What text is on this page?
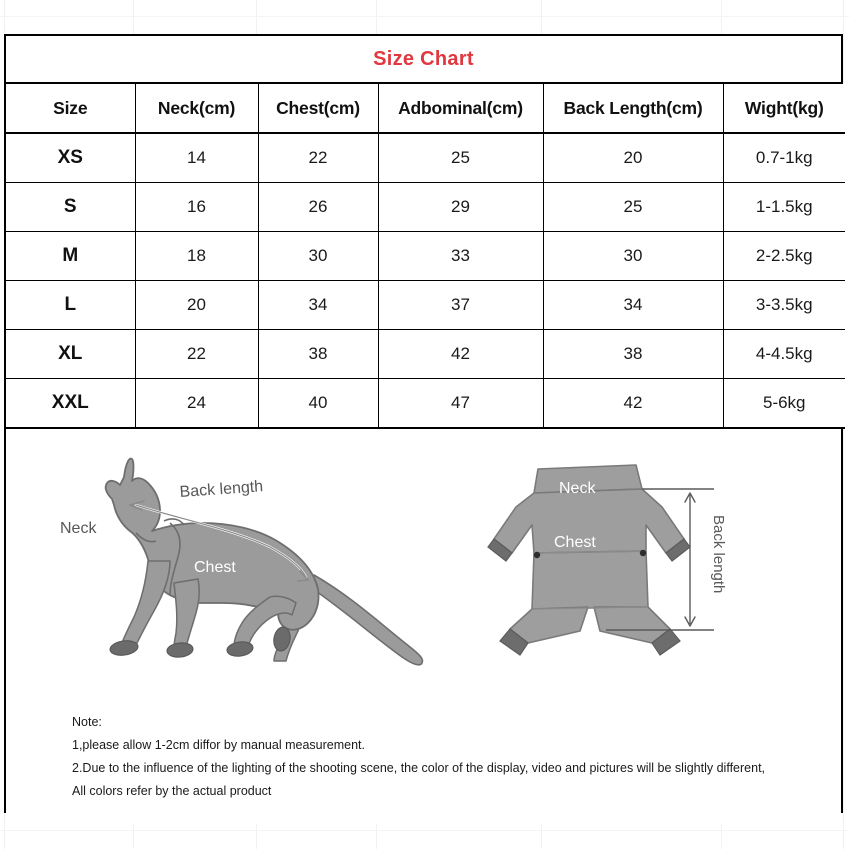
Size Chart
Size	Neck(cm)	Chest(cm)	Adbominal(cm)	Back Length(cm)	Wight(kg)
XS	14	22	25	20	0.7-1kg
S	16	26	29	25	1-1.5kg
M	18	30	33	30	2-2.5kg
L	20	34	37	34	3-3.5kg
XL	22	38	42	38	4-4.5kg
XXL	24	40	47	42	5-6kg
Neck
Back length
Chest	Back length
Neck
Chest
Note:
1,please allow 1-2cm diffor by manual measurement.
2.Due to the influence of the lighting of the shooting scene, the color of the display, video and pictures will be slightly different,
All colors refer by the actual product
